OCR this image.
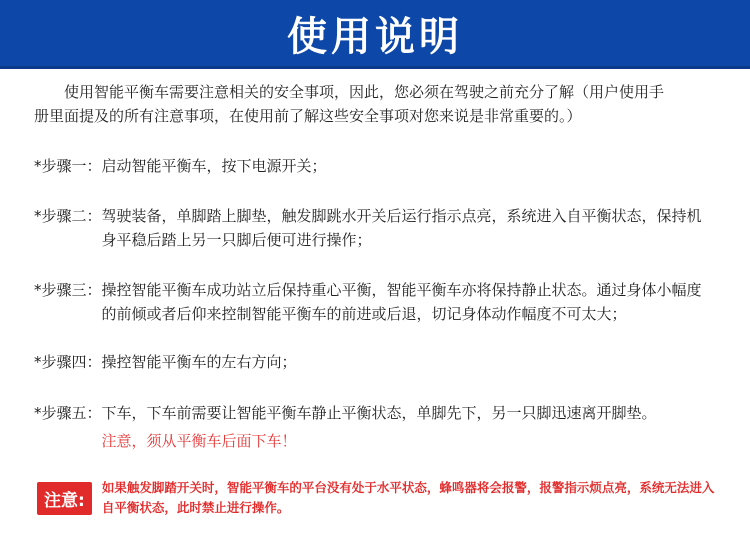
使用说明
使用智能平衡车需要注意相关的安全事项，因此，您必须在驾驶之前充分了解（用户使用手册里面提及的所有注意事项，在使用前了解这些安全事项对您来说是非常重要的。）
*步骤一： 启动智能平衡车，按下电源开关；
*步骤二： 驾驶装备，单脚踏上脚垫，触发脚跳水开关后运行指示点亮，系统进入自平衡状态，保持机身平稳后踏上另一只脚后便可进行操作；
*步骤三： 操控智能平衡车成功站立后保持重心平衡，智能平衡车亦将保持静止状态。通过身体小幅度的前倾或者后仰来控制智能平衡车的前进或后退，切记身体动作幅度不可太大；
*步骤四： 操控智能平衡车的左右方向；
*步骤五： 下车，下车前需要让智能平衡车静止平衡状态，单脚先下，另一只脚迅速离开脚垫。
注意，须从平衡车后面下车！
注意:
如果触发脚踏开关时，智能平衡车的平台没有处于水平状态，蜂鸣器将会报警，报警指示烦点亮，系统无法进入自平衡状态，此时禁止进行操作。
